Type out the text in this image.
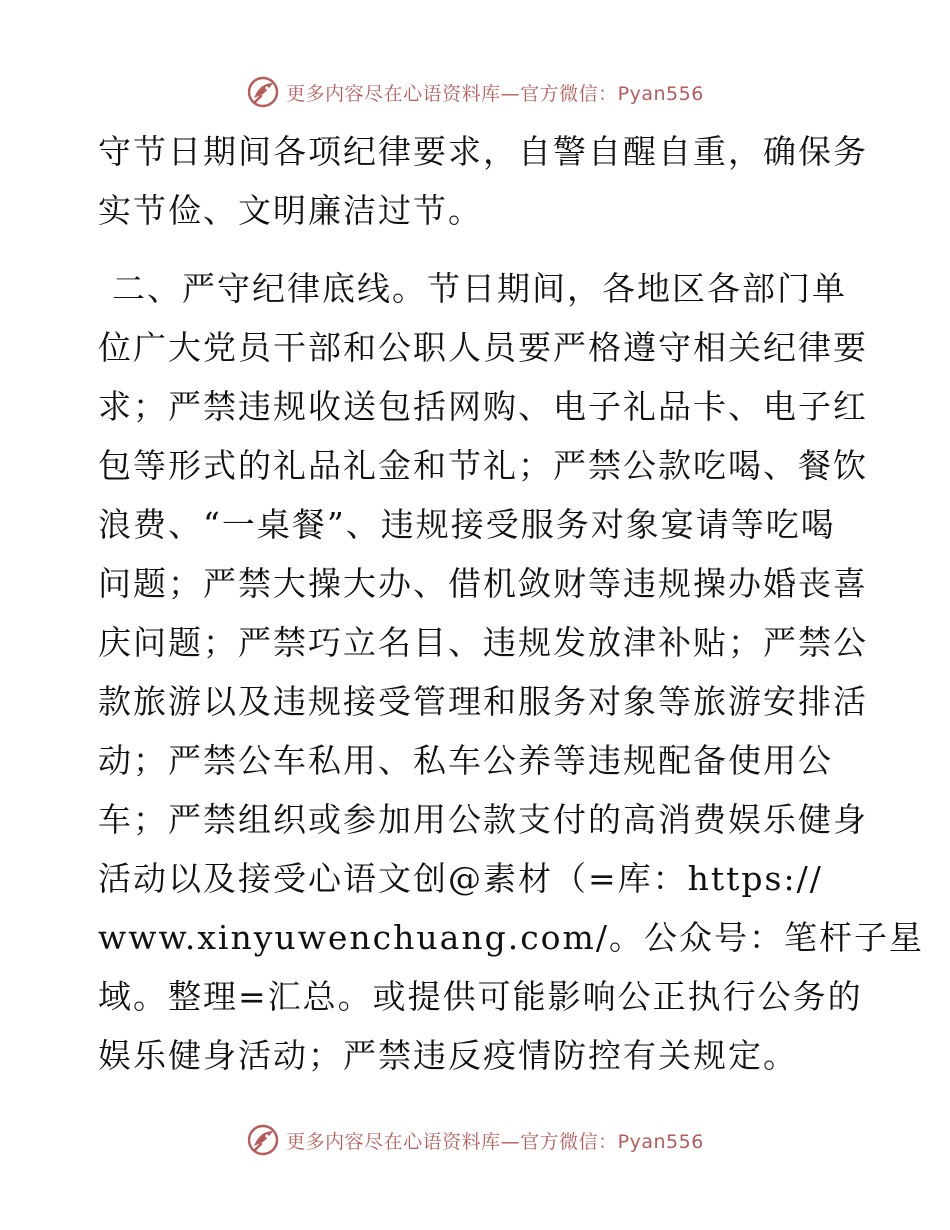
更多内容尽在心语资料库—官方微信：Pyan556
守节日期间各项纪律要求，自警自醒自重，确保务
实节俭、文明廉洁过节。
二、严守纪律底线。节日期间，各地区各部门单
位广大党员干部和公职人员要严格遵守相关纪律要
求；严禁违规收送包括网购、电子礼品卡、电子红
包等形式的礼品礼金和节礼；严禁公款吃喝、餐饮
浪费、“一桌餐”、违规接受服务对象宴请等吃喝
问题；严禁大操大办、借机敛财等违规操办婚丧喜
庆问题；严禁巧立名目、违规发放津补贴；严禁公
款旅游以及违规接受管理和服务对象等旅游安排活
动；严禁公车私用、私车公养等违规配备使用公
车；严禁组织或参加用公款支付的高消费娱乐健身
活动以及接受心语文创@素材（=库：https://
www.xinyuwenchuang.com/。公众号：笔杆子星
域。整理=汇总。或提供可能影响公正执行公务的
娱乐健身活动；严禁违反疫情防控有关规定。
更多内容尽在心语资料库—官方微信：Pyan556
